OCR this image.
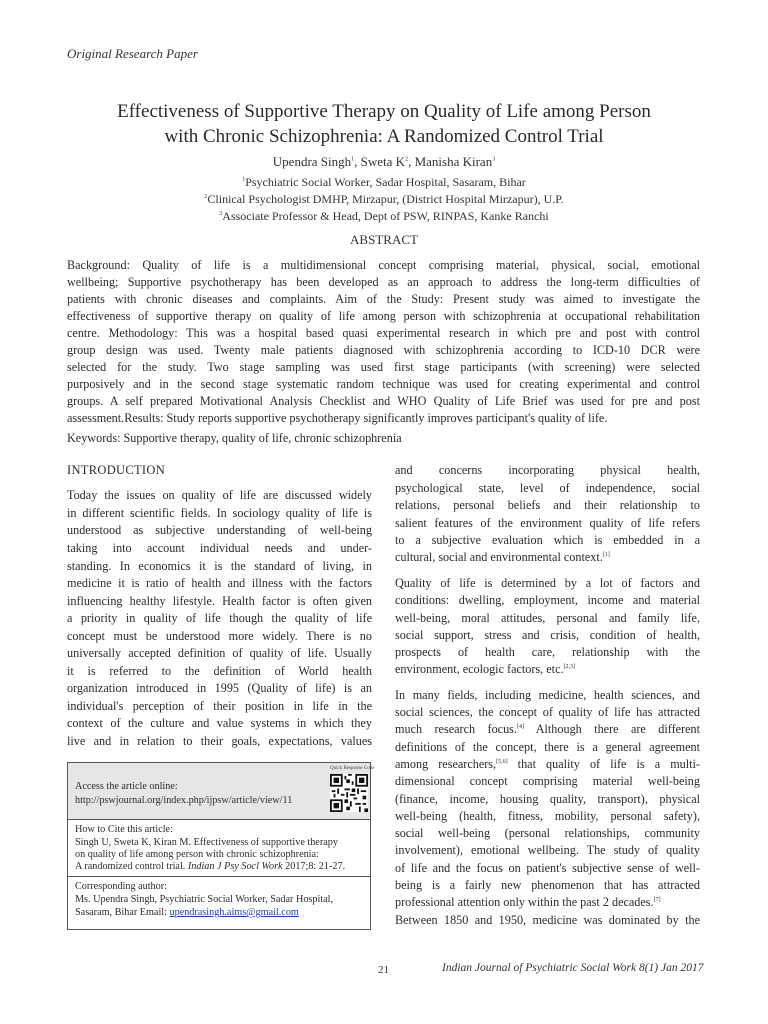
Original Research Paper
Effectiveness of Supportive Therapy on Quality of Life among Person
with Chronic Schizophrenia: A Randomized Control Trial
Upendra Singh$^1$, Sweta $K^2$, Manisha Kiran$^3$
$^1$Psychiatric Social Worker, Sadar Hospital, Sasaram, Bihar
$^2$Clinical Psychologist DMHP, Mirzapur, (District Hospital Mirzapur), U.P.
$^3$Associate Professor & Head, Dept of PSW, RINPAS, Kanke Ranchi
ABSTRACT
Background: Quality of life is a multidimensional concept comprising material, physical, social, emotional
wellbeing; Supportive psychotherapy has been developed as an approach to address the long-term difficulties of
patients with chronic diseases and complaints. Aim of the Study: Present study was aimed to investigate the
effectiveness of supportive therapy on quality of life among person with schizophrenia at occupational rehabilitation
centre. Methodology: This was a hospital based quasi experimental research in which pre and post with control
group design was used. Twenty male patients diagnosed with schizophrenia according to ICD-10 DCR were
selected for the study. Two stage sampling was used first stage participants (with screening) were selected
purposively and in the second stage systematic random technique was used for creating experimental and control
groups. A self prepared Motivational Analysis Checklist and WHO Quality of Life Brief was used for pre and post
assessment.Results: Study reports supportive psychotherapy significantly improves participant's quality of life.
Keywords: Supportive therapy, quality of life, chronic schizophrenia
INTRODUCTION
Today the issues on quality of life are discussed widely
in different scientific fields. In sociology quality of life is
understood as subjective understanding of well-being
taking into account individual needs and under-
standing. In economics it is the standard of living, in
medicine it is ratio of health and illness with the factors
influencing healthy lifestyle. Health factor is often given
a priority in quality of life though the quality of life
concept must be understood more widely. There is no
universally accepted definition of quality of life. Usually
it is referred to the definition of World health
organization introduced in 1995 (Quality of life) is an
individual's perception of their position in life in the
context of the culture and value systems in which they
live and in relation to their goals, expectations, values
and concerns incorporating physical health,
psychological state, level of independence, social
relations, personal beliefs and their relationship to
salient features of the environment quality of life refers
to a subjective evaluation which is embedded in a
cultural, social and environmental context.[1]
Quality of life is determined by a lot of factors and
conditions: dwelling, employment, income and material
well-being, moral attitudes, personal and family life,
social support, stress and crisis, condition of health,
prospects of health care, relationship with the
environment, ecologic factors, etc.[2,3]
In many fields, including medicine, health sciences, and
social sciences, the concept of quality of life has attracted
much research focus.[4] Although there are different
definitions of the concept, there is a general agreement
among researchers,[5,6] that quality of life is a multi-
dimensional concept comprising material well-being
(finance, income, housing quality, transport), physical
well-being (health, fitness, mobility, personal safety),
social well-being (personal relationships, community
involvement), emotional wellbeing. The study of quality
of life and the focus on patient's subjective sense of well-
being is a fairly new phenomenon that has attracted
professional attention only within the past 2 decades.[7]
Between 1850 and 1950, medicine was dominated by the
Access the article online:
http://pswjournal.org/index.php/ijpsw/article/view/11
Quick Response Code
How to Cite this article:
Singh U, Sweta K, Kiran M. Effectiveness of supportive therapy
on quality of life among person with chronic schizophrenia:
A randomized control trial. Indian J Psy Socl Work 2017;8: 21-27.
Corresponding author:
Ms. Upendra Singh, Psychiatric Social Worker, Sadar Hospital,
Sasaram, Bihar Email: upendrasingh.aims@gmail.com
21	Indian Journal of Psychiatric Social Work 8(1) Jan 2017
